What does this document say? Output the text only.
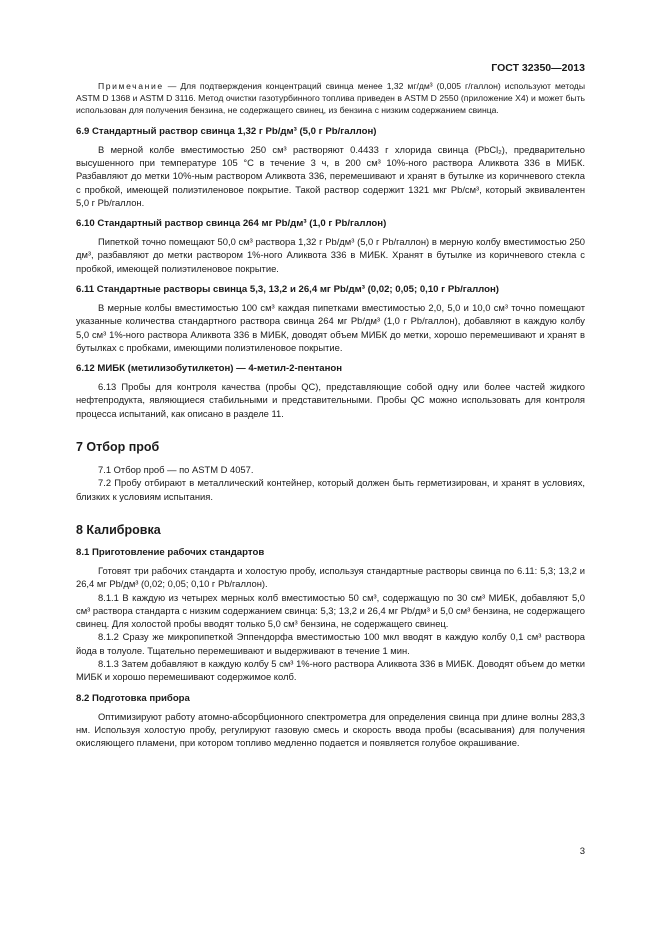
ГОСТ 32350—2013

Примечание — Для подтверждения концентраций свинца менее 1,32 мг/дм³ (0,005 г/галлон) используют методы ASTM D 1368 и ASTM D 3116. Метод очистки газотурбинного топлива приведен в ASTM D 2550 (приложение X4) и может быть использован для получения бензина, не содержащего свинец, из бензина с низким содержанием свинца.

6.9 Стандартный раствор свинца 1,32 г Pb/дм³ (5,0 г Pb/галлон)

В мерной колбе вместимостью 250 см³ растворяют 0.4433 г хлорида свинца (PbCl₂), предварительно высушенного при температуре 105 °С в течение 3 ч, в 200 см³ 10%-ного раствора Аликвота 336 в МИБК. Разбавляют до метки 10%-ным раствором Аликвота 336, перемешивают и хранят в бутылке из коричневого стекла с пробкой, имеющей полиэтиленовое покрытие. Такой раствор содержит 1321 мкг Pb/см³, который эквивалентен 5,0 г Pb/галлон.

6.10 Стандартный раствор свинца 264 мг Pb/дм³ (1,0 г Pb/галлон)

Пипеткой точно помещают 50,0 см³ раствора 1,32 г Pb/дм³ (5,0 г Pb/галлон) в мерную колбу вместимостью 250 дм³, разбавляют до метки раствором 1%-ного Аликвота 336 в МИБК. Хранят в бутылке из коричневого стекла с пробкой, имеющей полиэтиленовое покрытие.

6.11 Стандартные растворы свинца 5,3, 13,2 и 26,4 мг Pb/дм³ (0,02; 0,05; 0,10 г Pb/галлон)

В мерные колбы вместимостью 100 см³ каждая пипетками вместимостью 2,0, 5,0 и 10,0 см³ точно помещают указанные количества стандартного раствора свинца 264 мг Pb/дм³ (1,0 г Pb/галлон), добавляют в каждую колбу 5,0 см³ 1%-ного раствора Аликвота 336 в МИБК, доводят объем МИБК до метки, хорошо перемешивают и хранят в бутылках с пробками, имеющими полиэтиленовое покрытие.

6.12 МИБК (метилизобутилкетон) — 4-метил-2-пентанон

6.13 Пробы для контроля качества (пробы QC), представляющие собой одну или более частей жидкого нефтепродукта, являющиеся стабильными и представительными. Пробы QC можно использовать для контроля процесса испытаний, как описано в разделе 11.

7 Отбор проб

7.1 Отбор проб — по ASTM D 4057.

7.2 Пробу отбирают в металлический контейнер, который должен быть герметизирован, и хранят в условиях, близких к условиям испытания.

8 Калибровка
8.1 Приготовление рабочих стандартов

Готовят три рабочих стандарта и холостую пробу, используя стандартные растворы свинца по 6.11: 5,3; 13,2 и 26,4 мг Pb/дм³ (0,02; 0,05; 0,10 г Pb/галлон).

8.1.1 В каждую из четырех мерных колб вместимостью 50 см³, содержащую по 30 см³ МИБК, добавляют 5,0 см³ раствора стандарта с низким содержанием свинца: 5,3; 13,2 и 26,4 мг Pb/дм³ и 5,0 см³ бензина, не содержащего свинец. Для холостой пробы вводят только 5,0 см³ бензина, не содержащего свинец.

8.1.2 Сразу же микропипеткой Эппендорфа вместимостью 100 мкл вводят в каждую колбу 0,1 см³ раствора йода в толуоле. Тщательно перемешивают и выдерживают в течение 1 мин.

8.1.3 Затем добавляют в каждую колбу 5 см³ 1%-ного раствора Аликвота 336 в МИБК. Доводят объем до метки МИБК и хорошо перемешивают содержимое колб.

8.2 Подготовка прибора

Оптимизируют работу атомно-абсорбционного спектрометра для определения свинца при длине волны 283,3 нм. Используя холостую пробу, регулируют газовую смесь и скорость ввода пробы (всасывания) для получения окисляющего пламени, при котором топливо медленно подается и появляется голубое окрашивание.

3
